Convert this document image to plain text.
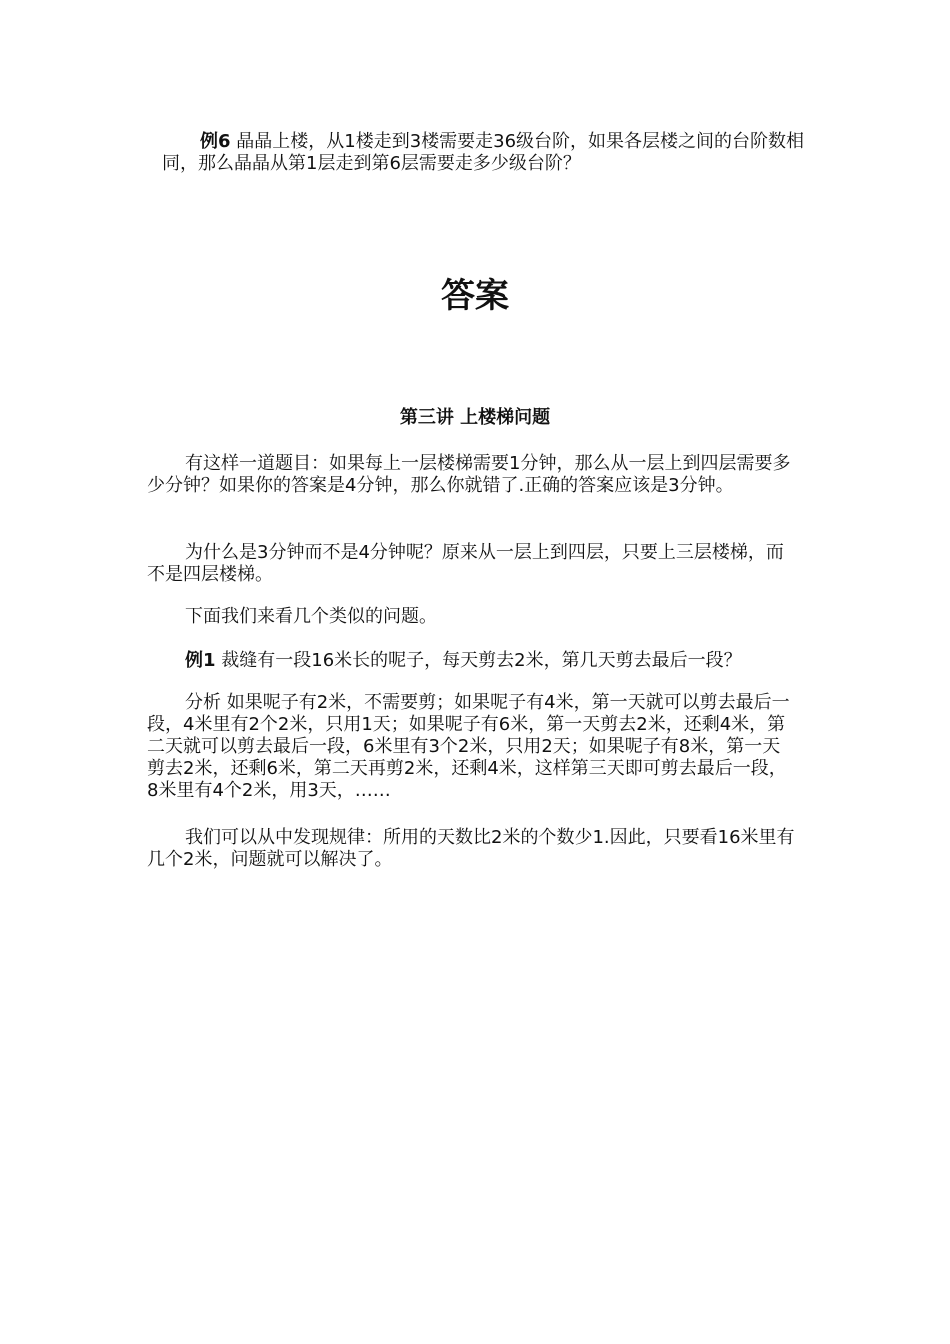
例6 晶晶上楼，从1楼走到3楼需要走36级台阶，如果各层楼之间的台阶数相同，那么晶晶从第1层走到第6层需要走多少级台阶？

答案
第三讲 上楼梯问题

有这样一道题目：如果每上一层楼梯需要1分钟，那么从一层上到四层需要多少分钟？如果你的答案是4分钟，那么你就错了.正确的答案应该是3分钟。

为什么是3分钟而不是4分钟呢？原来从一层上到四层，只要上三层楼梯，而不是四层楼梯。

下面我们来看几个类似的问题。

例1 裁缝有一段16米长的呢子，每天剪去2米，第几天剪去最后一段？

分析 如果呢子有2米，不需要剪；如果呢子有4米，第一天就可以剪去最后一段，4米里有2个2米，只用1天；如果呢子有6米，第一天剪去2米，还剩4米，第二天就可以剪去最后一段，6米里有3个2米，只用2天；如果呢子有8米，第一天剪去2米，还剩6米，第二天再剪2米，还剩4米，这样第三天即可剪去最后一段，8米里有4个2米，用3天，……

我们可以从中发现规律：所用的天数比2米的个数少1.因此，只要看16米里有几个2米，问题就可以解决了。
